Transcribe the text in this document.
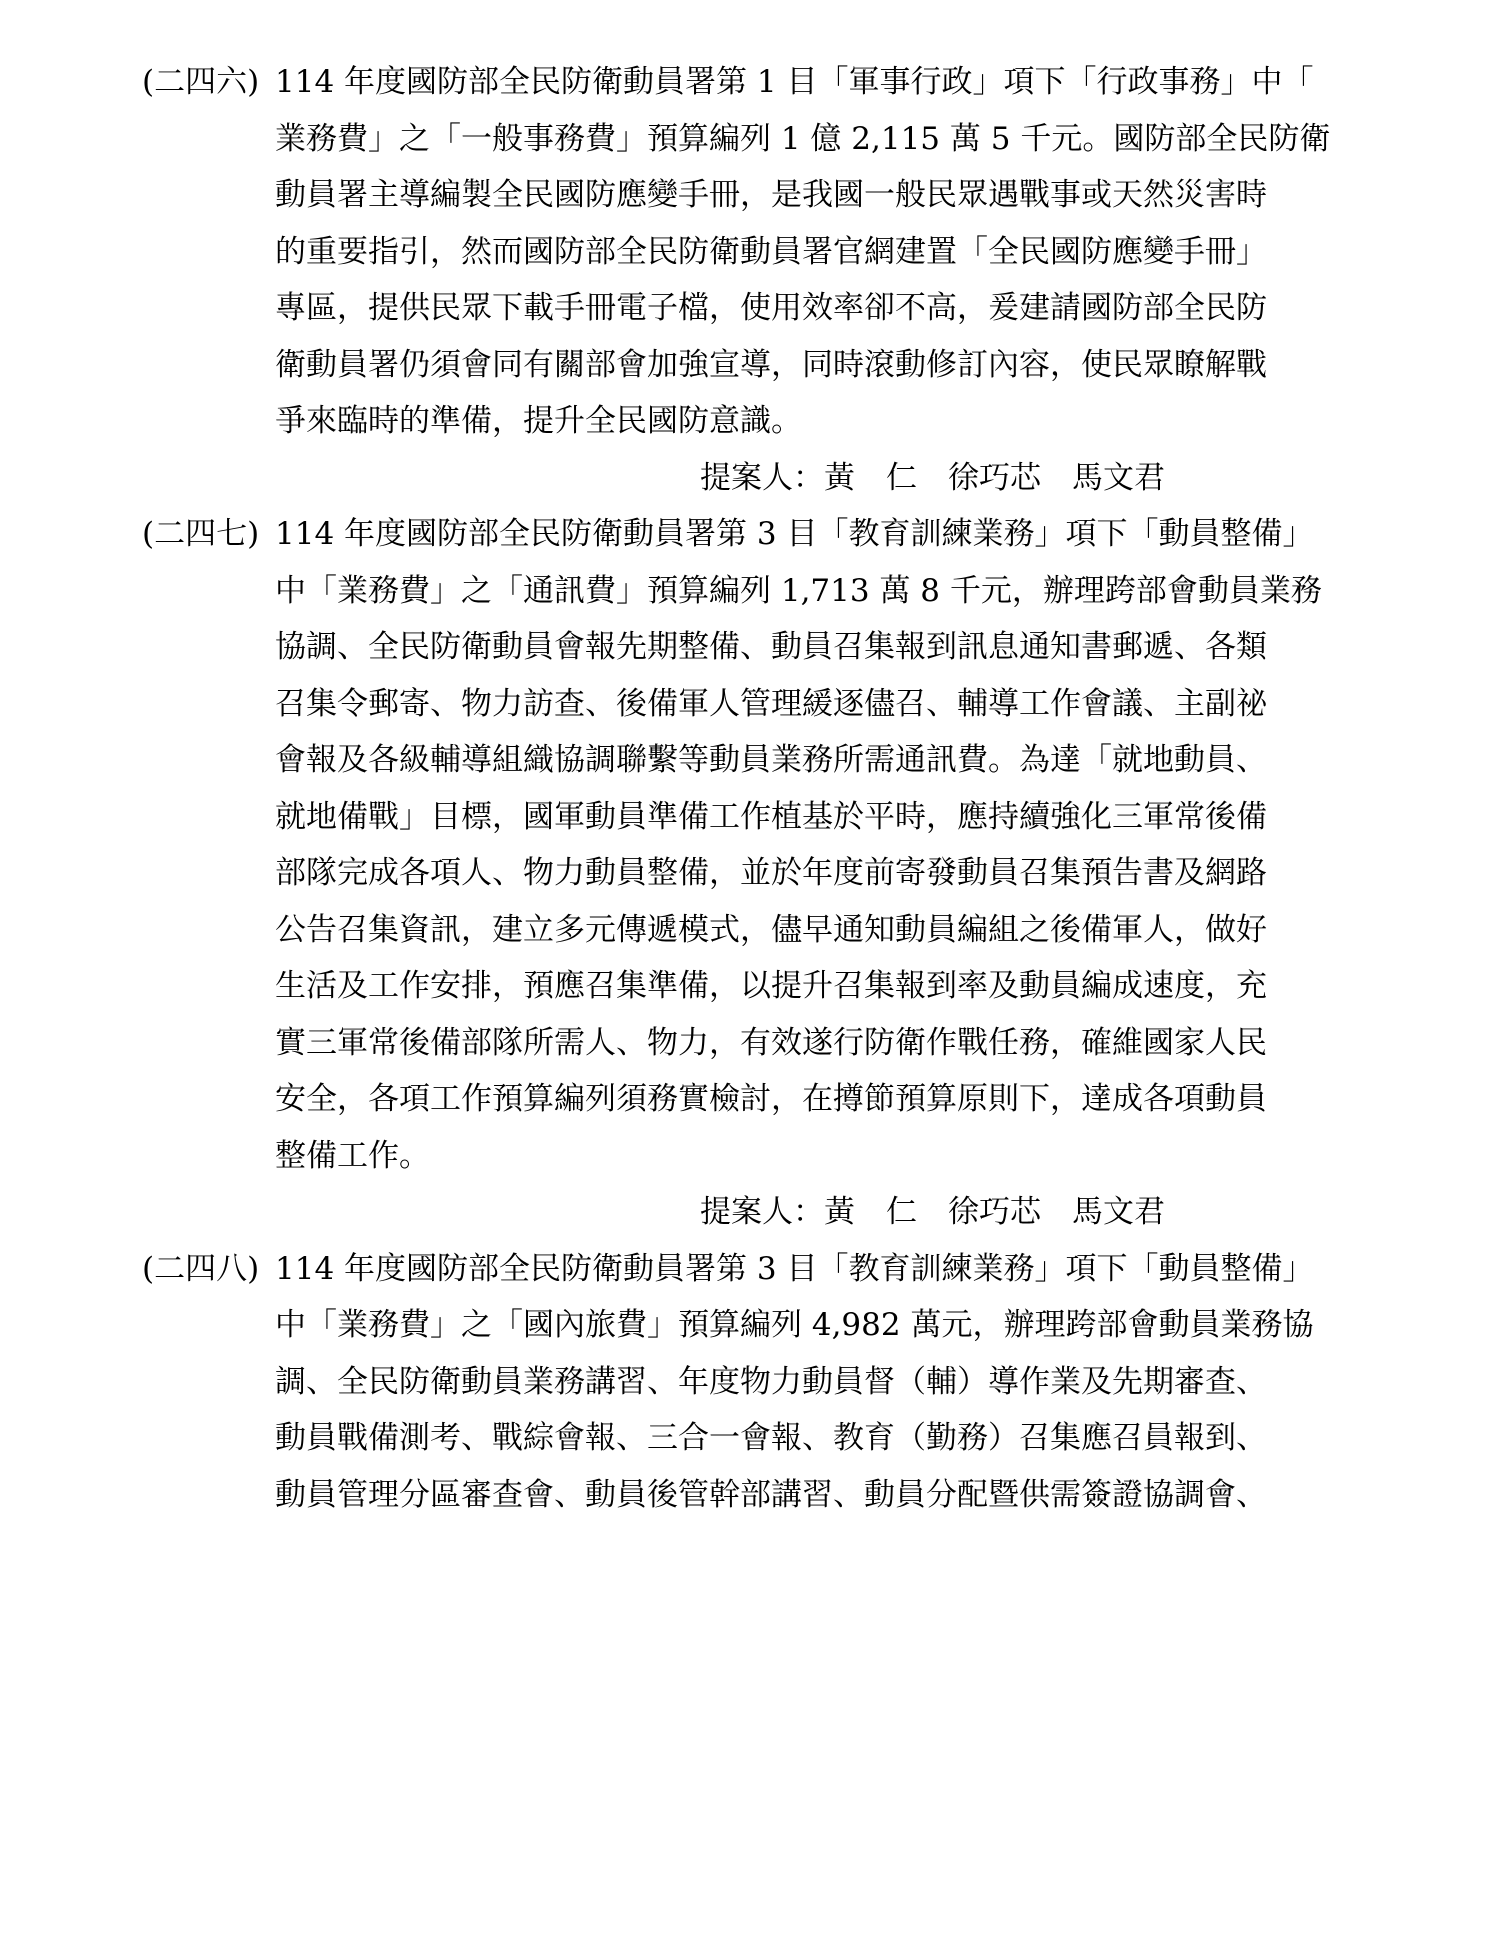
(二四六) 114 年度國防部全民防衛動員署第 1 目「軍事行政」項下「行政事務」中「
業務費」之「一般事務費」預算編列 1 億 2,115 萬 5 千元。國防部全民防衛
動員署主導編製全民國防應變手冊，是我國一般民眾遇戰事或天然災害時
的重要指引，然而國防部全民防衛動員署官網建置「全民國防應變手冊」
專區，提供民眾下載手冊電子檔，使用效率卻不高，爰建請國防部全民防
衛動員署仍須會同有關部會加強宣導，同時滾動修訂內容，使民眾瞭解戰
爭來臨時的準備，提升全民國防意識。
提案人：黃　仁　徐巧芯　馬文君
(二四七) 114 年度國防部全民防衛動員署第 3 目「教育訓練業務」項下「動員整備」
中「業務費」之「通訊費」預算編列 1,713 萬 8 千元，辦理跨部會動員業務
協調、全民防衛動員會報先期整備、動員召集報到訊息通知書郵遞、各類
召集令郵寄、物力訪查、後備軍人管理緩逐儘召、輔導工作會議、主副祕
會報及各級輔導組織協調聯繫等動員業務所需通訊費。為達「就地動員、
就地備戰」目標，國軍動員準備工作植基於平時，應持續強化三軍常後備
部隊完成各項人、物力動員整備，並於年度前寄發動員召集預告書及網路
公告召集資訊，建立多元傳遞模式，儘早通知動員編組之後備軍人，做好
生活及工作安排，預應召集準備，以提升召集報到率及動員編成速度，充
實三軍常後備部隊所需人、物力，有效遂行防衛作戰任務，確維國家人民
安全，各項工作預算編列須務實檢討，在撙節預算原則下，達成各項動員
整備工作。
提案人：黃　仁　徐巧芯　馬文君
(二四八) 114 年度國防部全民防衛動員署第 3 目「教育訓練業務」項下「動員整備」
中「業務費」之「國內旅費」預算編列 4,982 萬元，辦理跨部會動員業務協
調、全民防衛動員業務講習、年度物力動員督（輔）導作業及先期審查、
動員戰備測考、戰綜會報、三合一會報、教育（勤務）召集應召員報到、
動員管理分區審查會、動員後管幹部講習、動員分配暨供需簽證協調會、
